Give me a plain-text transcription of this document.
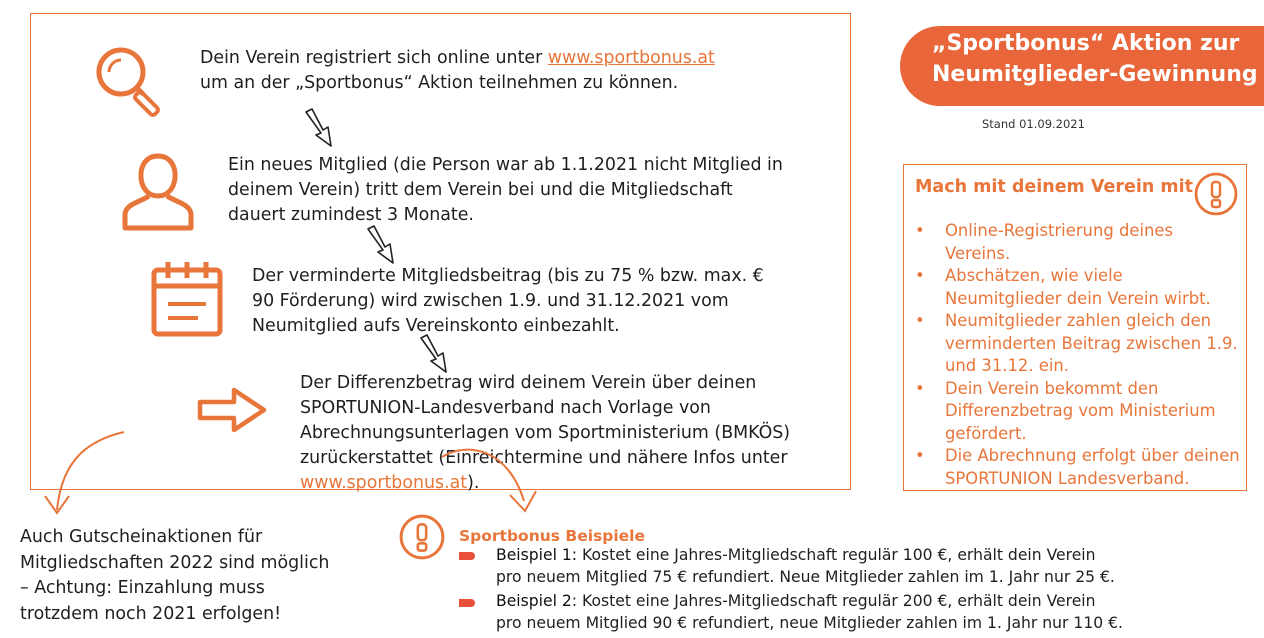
Dein Verein registriert sich online unter www.sportbonus.at
um an der „Sportbonus“ Aktion teilnehmen zu können.
Ein neues Mitglied (die Person war ab 1.1.2021 nicht Mitglied in
deinem Verein) tritt dem Verein bei und die Mitgliedschaft
dauert zumindest 3 Monate.
Der verminderte Mitgliedsbeitrag (bis zu 75 % bzw. max. €
90 Förderung) wird zwischen 1.9. und 31.12.2021 vom
Neumitglied aufs Vereinskonto einbezahlt.
Der Differenzbetrag wird deinem Verein über deinen
SPORTUNION-Landesverband nach Vorlage von
Abrechnungsunterlagen vom Sportministerium (BMKÖS)
zurückerstattet (Einreichtermine und nähere Infos unter
www.sportbonus.at).
„Sportbonus“ Aktion zur
Neumitglieder-Gewinnung
Stand 01.09.2021
Mach mit deinem Verein mit
• Online-Registrierung deines Vereins.
• Abschätzen, wie viele Neumitglieder dein Verein wirbt.
• Neumitglieder zahlen gleich den verminderten Beitrag zwischen 1.9. und 31.12. ein.
• Dein Verein bekommt den Differenzbetrag vom Ministerium gefördert.
• Die Abrechnung erfolgt über deinen SPORTUNION Landesverband.
Auch Gutscheinaktionen für
Mitgliedschaften 2022 sind möglich
– Achtung: Einzahlung muss
trotzdem noch 2021 erfolgen!
Sportbonus Beispiele
Beispiel 1: Kostet eine Jahres-Mitgliedschaft regulär 100 €, erhält dein Verein
pro neuem Mitglied 75 € refundiert. Neue Mitglieder zahlen im 1. Jahr nur 25 €.
Beispiel 2: Kostet eine Jahres-Mitgliedschaft regulär 200 €, erhält dein Verein
pro neuem Mitglied 90 € refundiert, neue Mitglieder zahlen im 1. Jahr nur 110 €.
